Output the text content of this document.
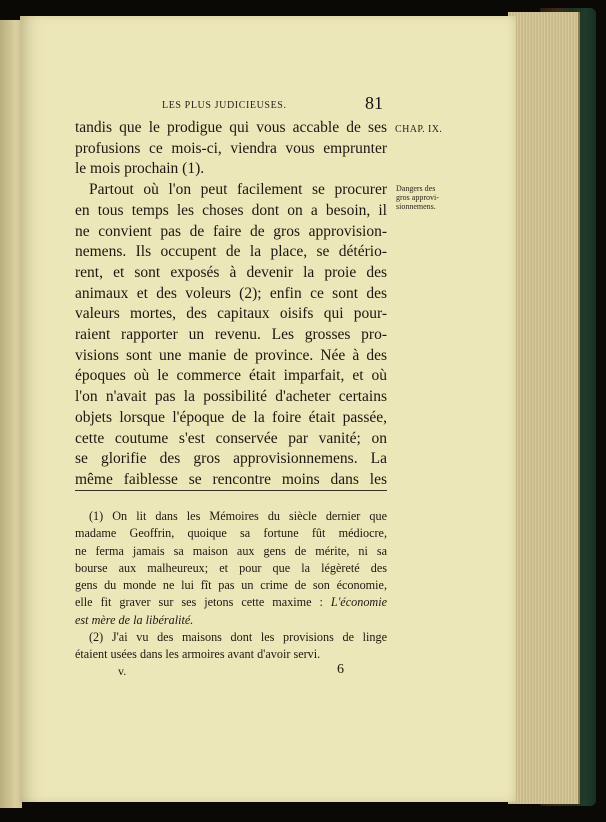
LES PLUS JUDICIEUSES.	81
CHAP. IX.
Dangers des
gros approvi-
sionnemens.
tandis que le prodigue qui vous accable de ses
profusions ce mois-ci, viendra vous emprunter
le mois prochain (1).
Partout où l'on peut facilement se procurer
en tous temps les choses dont on a besoin, il
ne convient pas de faire de gros approvision-
nemens. Ils occupent de la place, se détério-
rent, et sont exposés à devenir la proie des
animaux et des voleurs (2); enfin ce sont des
valeurs mortes, des capitaux oisifs qui pour-
raient rapporter un revenu. Les grosses pro-
visions sont une manie de province. Née à des
époques où le commerce était imparfait, et où
l'on n'avait pas la possibilité d'acheter certains
objets lorsque l'époque de la foire était passée,
cette coutume s'est conservée par vanité; on
se glorifie des gros approvisionnemens. La
même faiblesse se rencontre moins dans les
(1) On lit dans les Mémoires du siècle dernier que
madame Geoffrin, quoique sa fortune fût médiocre,
ne ferma jamais sa maison aux gens de mérite, ni sa
bourse aux malheureux; et pour que la légèreté des
gens du monde ne lui fît pas un crime de son économie,
elle fit graver sur ses jetons cette maxime : L'économie
est mère de la libéralité.
(2) J'ai vu des maisons dont les provisions de linge
étaient usées dans les armoires avant d'avoir servi.
v.	6
